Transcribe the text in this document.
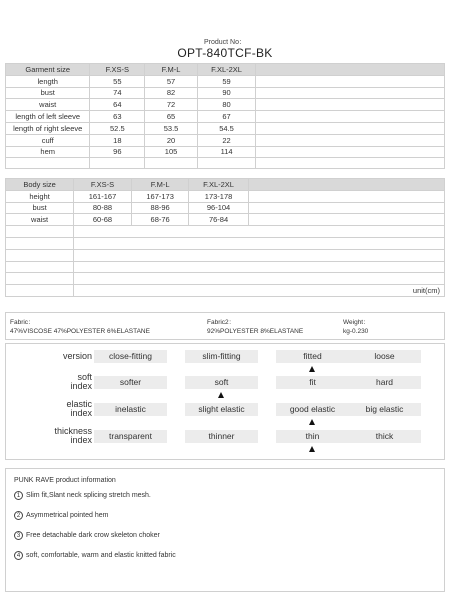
Product No：
OPT-840TCF-BK
Garment size	F.XS-S	F.M-L	F.XL-2XL	
length	55	57	59	
bust	74	82	90	
waist	64	72	80	
length of left sleeve	63	65	67	
length of right sleeve	52.5	53.5	54.5	
cuff	18	20	22	
hem	96	105	114	

Body size	F.XS-S	F.M-L	F.XL-2XL	
height	161-167	167-173	173-178	
bust	80-88	88-96	96-104	
waist	60-68	68-76	76-84	

	unit(cm)			
Fabric：
47%VISCOSE 47%POLYESTER 6%ELASTANE
Fabric2：
92%POLYESTER 8%ELASTANE
Weight：
kg-0.230
version	close-fitting	slim-fitting	fitted	loose
soft
index	softer	soft	fit	hard
elastic
index	inelastic	slight elastic	good elastic	big elastic
thickness
index	transparent	thinner	thin	thick
PUNK RAVE product information
1 Slim fit,Slant neck splicing stretch mesh.
2 Asymmetrical pointed hem
3 Free detachable dark crow skeleton choker
4 soft, comfortable, warm and elastic knitted fabric
